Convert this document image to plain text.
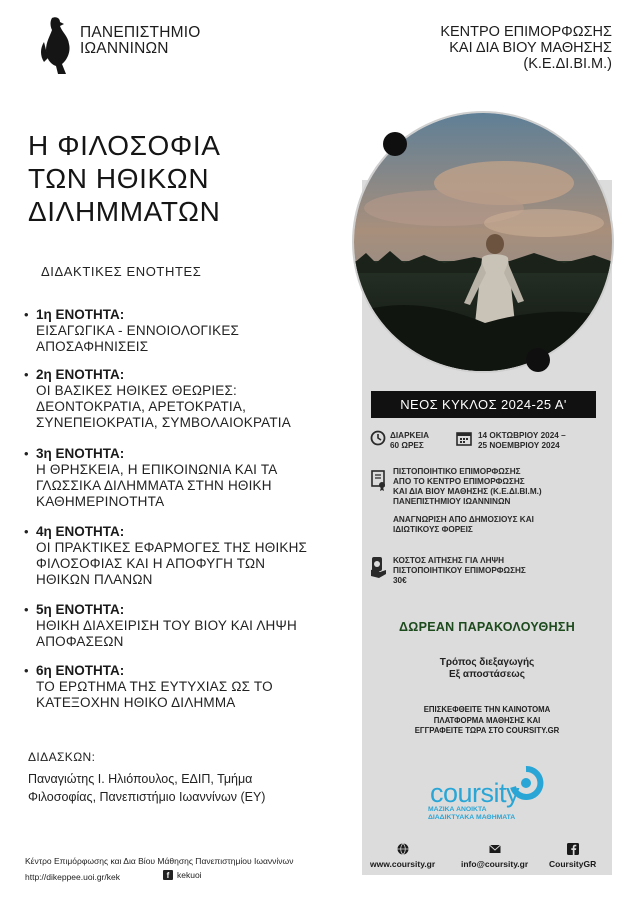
ΠΑΝΕΠΙΣΤΗΜΙΟ
ΙΩΑΝΝΙΝΩΝ
ΚΕΝΤΡΟ ΕΠΙΜΟΡΦΩΣΗΣ
ΚΑΙ ΔΙΑ ΒΙΟΥ ΜΑΘΗΣΗΣ
(Κ.Ε.ΔΙ.ΒΙ.Μ.)
Η ΦΙΛΟΣΟΦΙΑ
ΤΩΝ ΗΘΙΚΩΝ
ΔΙΛΗΜΜΑΤΩΝ
ΔΙΔΑΚΤΙΚΕΣ ΕΝΟΤΗΤΕΣ
• 1η ΕΝΟΤΗΤΑ:
ΕΙΣΑΓΩΓΙΚΑ - ΕΝΝΟΙΟΛΟΓΙΚΕΣ
ΑΠΟΣΑΦΗΝΙΣΕΙΣ
• 2η ΕΝΟΤΗΤΑ:
ΟΙ ΒΑΣΙΚΕΣ ΗΘΙΚΕΣ ΘΕΩΡΙΕΣ:
ΔΕΟΝΤΟΚΡΑΤΙΑ, ΑΡΕΤΟΚΡΑΤΙΑ,
ΣΥΝΕΠΕΙΟΚΡΑΤΙΑ, ΣΥΜΒΟΛΑΙΟΚΡΑΤΙΑ
• 3η ΕΝΟΤΗΤΑ:
Η ΘΡΗΣΚΕΙΑ, Η ΕΠΙΚΟΙΝΩΝΙΑ ΚΑΙ ΤΑ
ΓΛΩΣΣΙΚΑ ΔΙΛΗΜΜΑΤΑ ΣΤΗΝ ΗΘΙΚΗ
ΚΑΘΗΜΕΡΙΝΟΤΗΤΑ
• 4η ΕΝΟΤΗΤΑ:
ΟΙ ΠΡΑΚΤΙΚΕΣ ΕΦΑΡΜΟΓΕΣ ΤΗΣ ΗΘΙΚΗΣ
ΦΙΛΟΣΟΦΙΑΣ ΚΑΙ Η ΑΠΟΦΥΓΗ ΤΩΝ
ΗΘΙΚΩΝ ΠΛΑΝΩΝ
• 5η ΕΝΟΤΗΤΑ:
ΗΘΙΚΗ ΔΙΑΧΕΙΡΙΣΗ ΤΟΥ ΒΙΟΥ ΚΑΙ ΛΗΨΗ
ΑΠΟΦΑΣΕΩΝ
• 6η ΕΝΟΤΗΤΑ:
ΤΟ ΕΡΩΤΗΜΑ ΤΗΣ ΕΥΤΥΧΙΑΣ ΩΣ ΤΟ
ΚΑΤΕΞΟΧΗΝ ΗΘΙΚΟ ΔΙΛΗΜΜΑ
ΔΙΔΑΣΚΩΝ:
Παναγιώτης Ι. Ηλιόπουλος, ΕΔΙΠ, Τμήμα
Φιλοσοφίας, Πανεπιστήμιο Ιωαννίνων (ΕΥ)
Κέντρο Επιμόρφωσης και Δια Βίου Μάθησης Πανεπιστημίου Ιωαννίνων
http://dikeppee.uoi.gr/kek	f kekuoi
ΝΕΟΣ ΚΥΚΛΟΣ 2024-25 Α'
ΔΙΑΡΚΕΙΑ
60 ΩΡΕΣ
14 ΟΚΤΩΒΡΙΟΥ 2024 –
25 ΝΟΕΜΒΡΙΟΥ 2024
ΠΙΣΤΟΠΟΙΗΤΙΚΟ ΕΠΙΜΟΡΦΩΣΗΣ
ΑΠΟ ΤΟ ΚΕΝΤΡΟ ΕΠΙΜΟΡΦΩΣΗΣ
ΚΑΙ ΔΙΑ ΒΙΟΥ ΜΑΘΗΣΗΣ (Κ.Ε.ΔΙ.ΒΙ.Μ.)
ΠΑΝΕΠΙΣΤΗΜΙΟΥ ΙΩΑΝΝΙΝΩΝ
ΑΝΑΓΝΩΡΙΣΗ ΑΠΟ ΔΗΜΟΣΙΟΥΣ ΚΑΙ
ΙΔΙΩΤΙΚΟΥΣ ΦΟΡΕΙΣ
ΚΟΣΤΟΣ ΑΙΤΗΣΗΣ ΓΙΑ ΛΗΨΗ
ΠΙΣΤΟΠΟΙΗΤΙΚΟΥ ΕΠΙΜΟΡΦΩΣΗΣ
30€
ΔΩΡΕΑΝ ΠΑΡΑΚΟΛΟΥΘΗΣΗ
Τρόπος διεξαγωγής
Εξ αποστάσεως
ΕΠΙΣΚΕΦΘΕΙΤΕ ΤΗΝ ΚΑΙΝΟΤΟΜΑ
ΠΛΑΤΦΟΡΜΑ ΜΑΘΗΣΗΣ ΚΑΙ
ΕΓΓΡΑΦΕΙΤΕ ΤΩΡΑ ΣΤΟ COURSITY.GR
coursity
ΜΑΖΙΚΑ ΑΝΟΙΚΤΑ
ΔΙΑΔΙΚΤΥΑΚΑ ΜΑΘΗΜΑΤΑ
www.coursity.gr	info@coursity.gr CoursityGR
